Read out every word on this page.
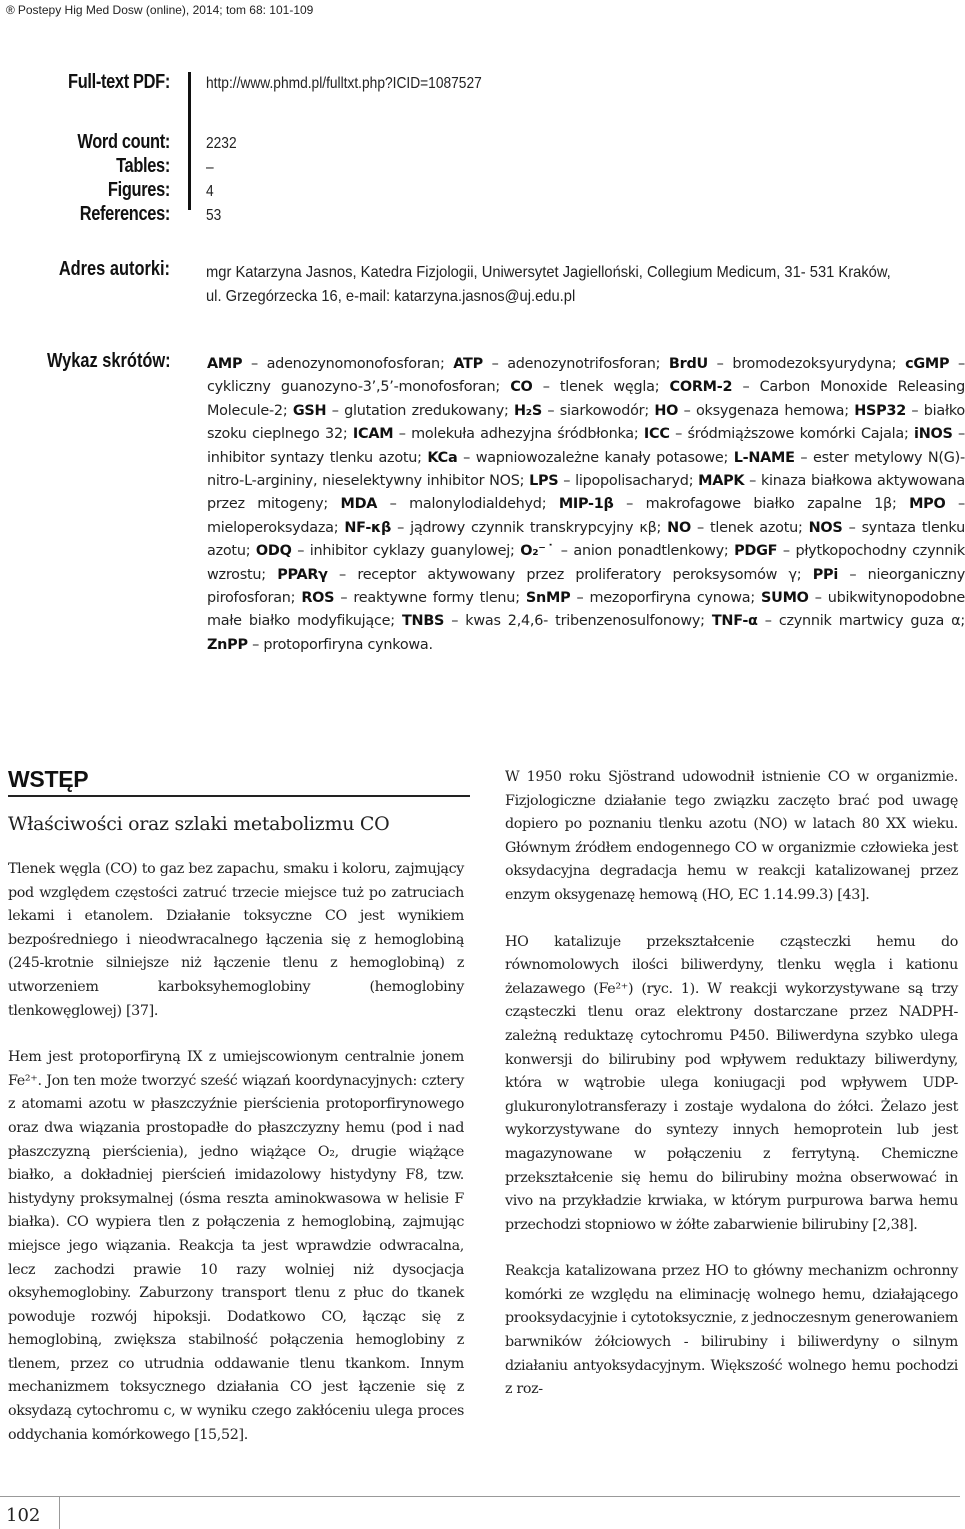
® Postepy Hig Med Dosw (online), 2014; tom 68: 101-109
Full-text PDF:
Word count:
Tables:
Figures:
References:
http://www.phmd.pl/fulltxt.php?ICID=1087527
2232
–
4
53
Adres autorki: mgr Katarzyna Jasnos, Katedra Fizjologii, Uniwersytet Jagielloński, Collegium Medicum, 31- 531 Kraków, ul. Grzegórzecka 16, e-mail: katarzyna.jasnos@uj.edu.pl
Wykaz skrótów:	AMP – adenozynomonofosforan; ATP – adenozynotrifosforan; BrdU – bromodezoksyurydyna; cGMP – cykliczny guanozyno-3’,5’-monofosforan; CO – tlenek węgla; CORM-2 – Carbon Monoxide Releasing Molecule-2; GSH – glutation zredukowany; H₂S – siarkowodór; HO – oksygenaza hemowa; HSP32 – białko szoku cieplnego 32; ICAM – molekuła adhezyjna śródbłonka; ICC – śródmiąższowe komórki Cajala; iNOS – inhibitor syntazy tlenku azotu; KCa – wapniowozależne kanały potasowe; L-NAME – ester metylowy N(G)-nitro-L-argininy, nieselektywny inhibitor NOS; LPS – lipopolisacharyd; MAPK – kinaza białkowa aktywowana przez mitogeny; MDA – malonylodialdehyd; MIP-1β – makrofagowe białko zapalne 1β; MPO – mieloperoksydaza; NF-κβ – jądrowy czynnik transkrypcyjny κβ; NO – tlenek azotu; NOS – syntaza tlenku azotu; ODQ – inhibitor cyklazy guanylowej; O₂⁻˙ – anion ponadtlenkowy; PDGF – płytkopochodny czynnik wzrostu; PPARγ – receptor aktywowany przez proliferatory peroksysomów γ; PPi – nieorganiczny pirofosforan; ROS – reaktywne formy tlenu; SnMP – mezoporfiryna cynowa; SUMO – ubikwitynopodobne małe białko modyfikujące; TNBS – kwas 2,4,6- tribenzenosulfonowy; TNF-α – czynnik martwicy guza α; ZnPP – protoporfiryna cynkowa.
WSTĘP
Właściwości oraz szlaki metabolizmu CO

Tlenek węgla (CO) to gaz bez zapachu, smaku i koloru, zajmujący pod względem częstości zatruć trzecie miejsce tuż po zatruciach lekami i etanolem. Działanie toksyczne CO jest wynikiem bezpośredniego i nieodwracalnego łączenia się z hemoglobiną (245-krotnie silniejsze niż łączenie tlenu z hemoglobiną) z utworzeniem karboksyhemoglobiny (hemoglobiny tlenkowęglowej) [37].

Hem jest protoporfiryną IX z umiejscowionym centralnie jonem Fe²⁺. Jon ten może tworzyć sześć wiązań koordynacyjnych: cztery z atomami azotu w płaszczyźnie pierścienia protoporfirynowego oraz dwa wiązania prostopadłe do płaszczyzny hemu (pod i nad płaszczyzną pierścienia), jedno wiążące O₂, drugie wiążące białko, a dokładniej pierścień imidazolowy histydyny F8, tzw. histydyny proksymalnej (ósma reszta aminokwasowa w helisie F białka). CO wypiera tlen z połączenia z hemoglobiną, zajmując miejsce jego wiązania. Reakcja ta jest wprawdzie odwracalna, lecz zachodzi prawie 10 razy wolniej niż dysocjacja oksyhemoglobiny. Zaburzony transport tlenu z płuc do tkanek powoduje rozwój hipoksji. Dodatkowo CO, łącząc się z hemoglobiną, zwiększa stabilność połączenia hemoglobiny z tlenem, przez co utrudnia oddawanie tlenu tkankom. Innym mechanizmem toksycznego działania CO jest łączenie się z oksydazą cytochromu c, w wyniku czego zakłóceniu ulega proces oddychania komórkowego [15,52].

W 1950 roku Sjöstrand udowodnił istnienie CO w organizmie. Fizjologiczne działanie tego związku zaczęto brać pod uwagę dopiero po poznaniu tlenku azotu (NO) w latach 80 XX wieku. Głównym źródłem endogennego CO w organizmie człowieka jest oksydacyjna degradacja hemu w reakcji katalizowanej przez enzym oksygenazę hemową (HO, EC 1.14.99.3) [43].

HO katalizuje przekształcenie cząsteczki hemu do równomolowych ilości biliwerdyny, tlenku węgla i kationu żelazawego (Fe²⁺) (ryc. 1). W reakcji wykorzystywane są trzy cząsteczki tlenu oraz elektrony dostarczane przez NADPH-zależną reduktazę cytochromu P450. Biliwerdyna szybko ulega konwersji do bilirubiny pod wpływem reduktazy biliwerdyny, która w wątrobie ulega koniugacji pod wpływem UDP-glukuronylotransferazy i zostaje wydalona do żółci. Żelazo jest wykorzystywane do syntezy innych hemoprotein lub jest magazynowane w połączeniu z ferrytyną. Chemiczne przekształcenie się hemu do bilirubiny można obserwować in vivo na przykładzie krwiaka, w którym purpurowa barwa hemu przechodzi stopniowo w żółte zabarwienie bilirubiny [2,38].

Reakcja katalizowana przez HO to główny mechanizm ochronny komórki ze względu na eliminację wolnego hemu, działającego prooksydacyjnie i cytotoksycznie, z jednoczesnym generowaniem barwników żółciowych - bilirubiny i biliwerdyny o silnym działaniu antyoksydacyjnym. Większość wolnego hemu pochodzi z roz-

102
